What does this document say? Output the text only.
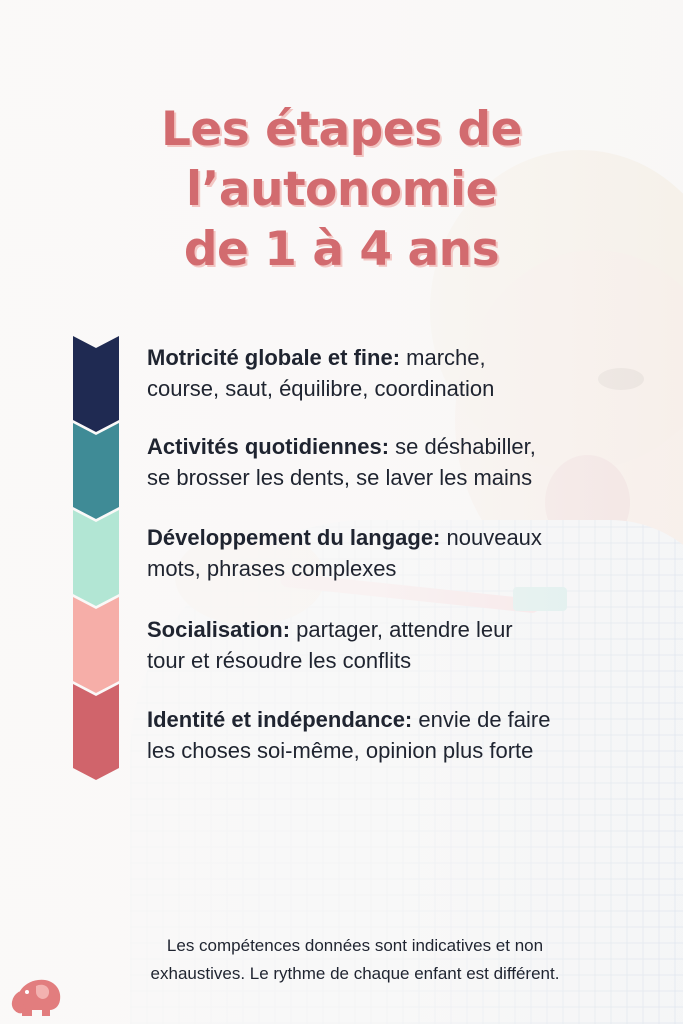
Les étapes de
l’autonomie
de 1 à 4 ans
Motricité globale et fine: marche,
course, saut, équilibre, coordination
Activités quotidiennes: se déshabiller,
se brosser les dents, se laver les mains
Développement du langage: nouveaux
mots, phrases complexes
Socialisation: partager, attendre leur
tour et résoudre les conflits
Identité et indépendance: envie de faire
les choses soi-même, opinion plus forte
Les compétences données sont indicatives et non
exhaustives. Le rythme de chaque enfant est différent.
